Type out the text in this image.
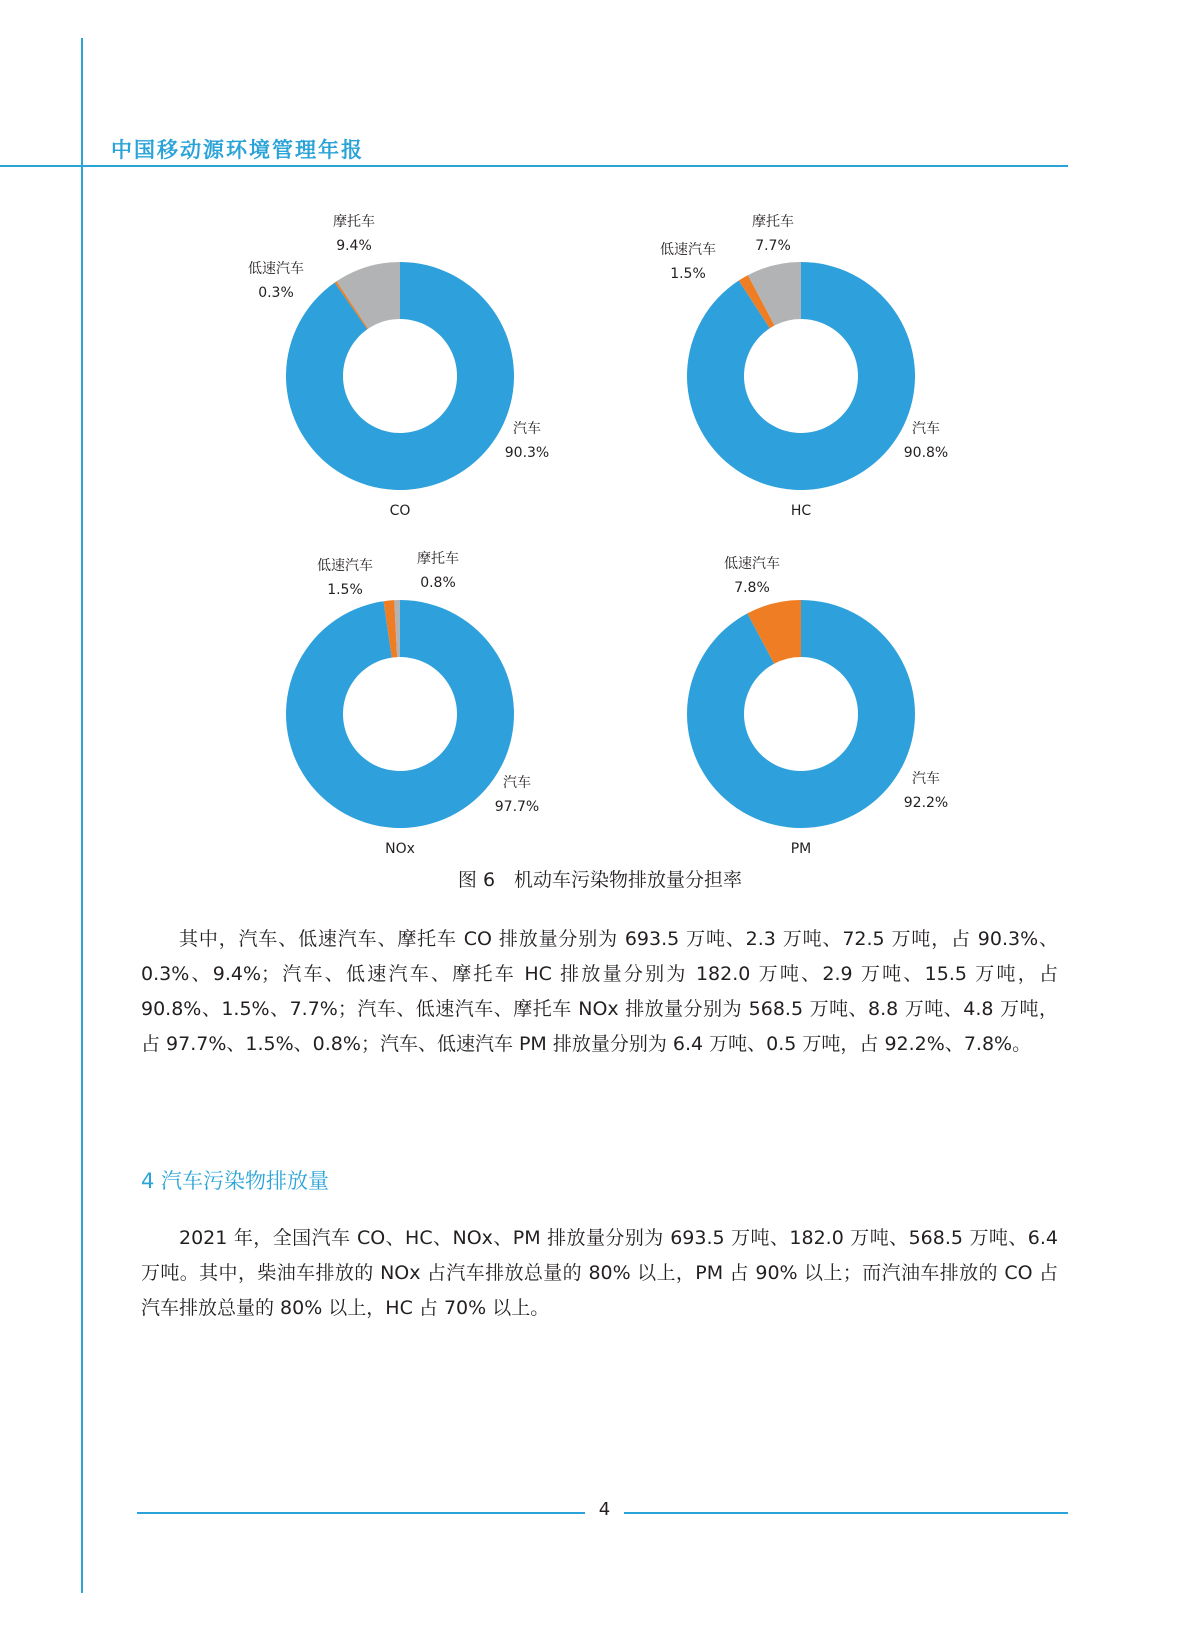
中国移动源环境管理年报
汽车
90.3%
低速汽车
0.3%
摩托车
9.4%
CO
汽车
90.8%
低速汽车
1.5%
摩托车
7.7%
HC
汽车
97.7%
低速汽车
1.5%
摩托车
0.8%
NOx
汽车
92.2%
低速汽车
7.8%
PM
图 6　机动车污染物排放量分担率

其中，汽车、低速汽车、摩托车 CO 排放量分别为 693.5 万吨、2.3 万吨、72.5 万吨，占 90.3%、0.3%、9.4%；汽车、低速汽车、摩托车 HC 排放量分别为 182.0 万吨、2.9 万吨、15.5 万吨，占 90.8%、1.5%、7.7%；汽车、低速汽车、摩托车 NOx 排放量分别为 568.5 万吨、8.8 万吨、4.8 万吨，占 97.7%、1.5%、0.8%；汽车、低速汽车 PM 排放量分别为 6.4 万吨、0.5 万吨，占 92.2%、7.8%。

4 汽车污染物排放量

2021 年，全国汽车 CO、HC、NOx、PM 排放量分别为 693.5 万吨、182.0 万吨、568.5 万吨、6.4 万吨。其中，柴油车排放的 NOx 占汽车排放总量的 80% 以上，PM 占 90% 以上；而汽油车排放的 CO 占汽车排放总量的 80% 以上，HC 占 70% 以上。

4
